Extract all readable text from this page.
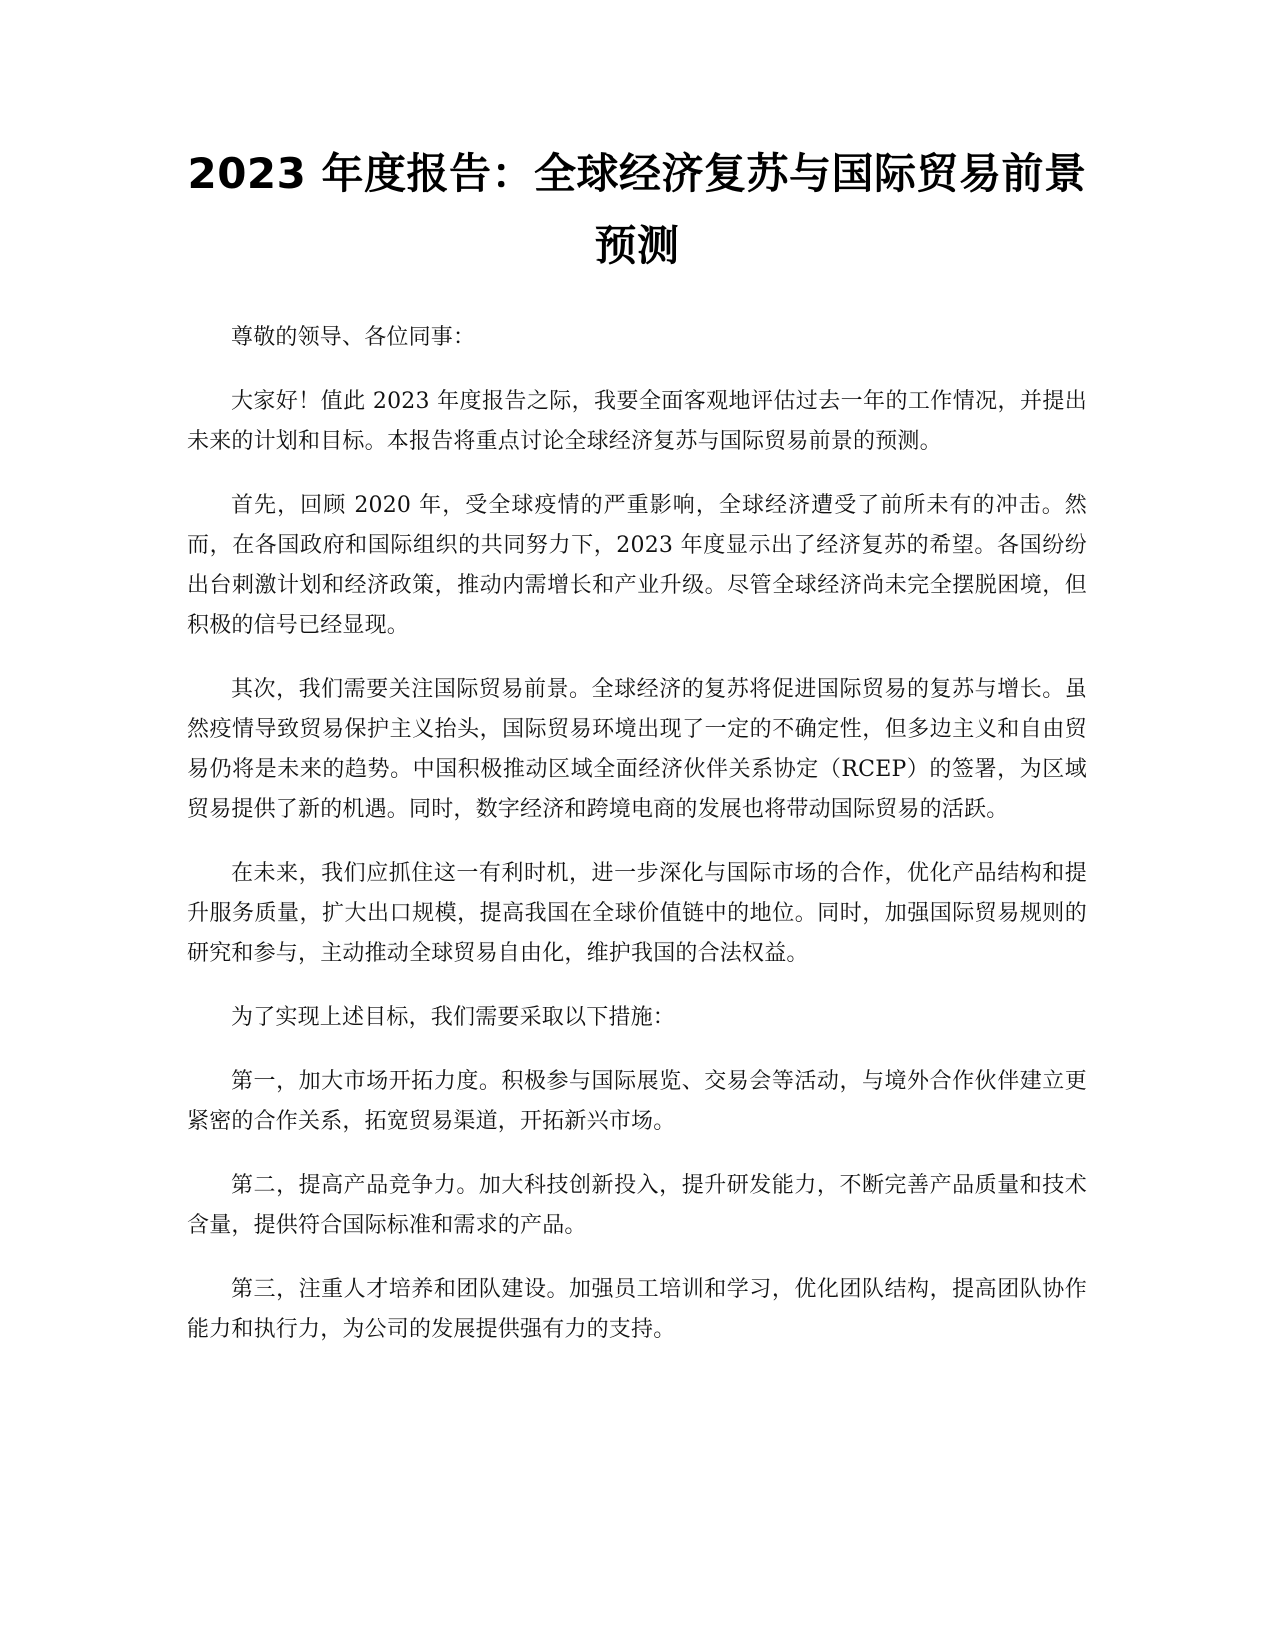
2023 年度报告：全球经济复苏与国际贸易前景预测

尊敬的领导、各位同事：

大家好！值此 2023 年度报告之际，我要全面客观地评估过去一年的工作情况，并提出未来的计划和目标。本报告将重点讨论全球经济复苏与国际贸易前景的预测。

首先，回顾 2020 年，受全球疫情的严重影响，全球经济遭受了前所未有的冲击。然而，在各国政府和国际组织的共同努力下，2023 年度显示出了经济复苏的希望。各国纷纷出台刺激计划和经济政策，推动内需增长和产业升级。尽管全球经济尚未完全摆脱困境，但积极的信号已经显现。

其次，我们需要关注国际贸易前景。全球经济的复苏将促进国际贸易的复苏与增长。虽然疫情导致贸易保护主义抬头，国际贸易环境出现了一定的不确定性，但多边主义和自由贸易仍将是未来的趋势。中国积极推动区域全面经济伙伴关系协定（RCEP）的签署，为区域贸易提供了新的机遇。同时，数字经济和跨境电商的发展也将带动国际贸易的活跃。

在未来，我们应抓住这一有利时机，进一步深化与国际市场的合作，优化产品结构和提升服务质量，扩大出口规模，提高我国在全球价值链中的地位。同时，加强国际贸易规则的研究和参与，主动推动全球贸易自由化，维护我国的合法权益。

为了实现上述目标，我们需要采取以下措施：

第一，加大市场开拓力度。积极参与国际展览、交易会等活动，与境外合作伙伴建立更紧密的合作关系，拓宽贸易渠道，开拓新兴市场。

第二，提高产品竞争力。加大科技创新投入，提升研发能力，不断完善产品质量和技术含量，提供符合国际标准和需求的产品。

第三，注重人才培养和团队建设。加强员工培训和学习，优化团队结构，提高团队协作能力和执行力，为公司的发展提供强有力的支持。
